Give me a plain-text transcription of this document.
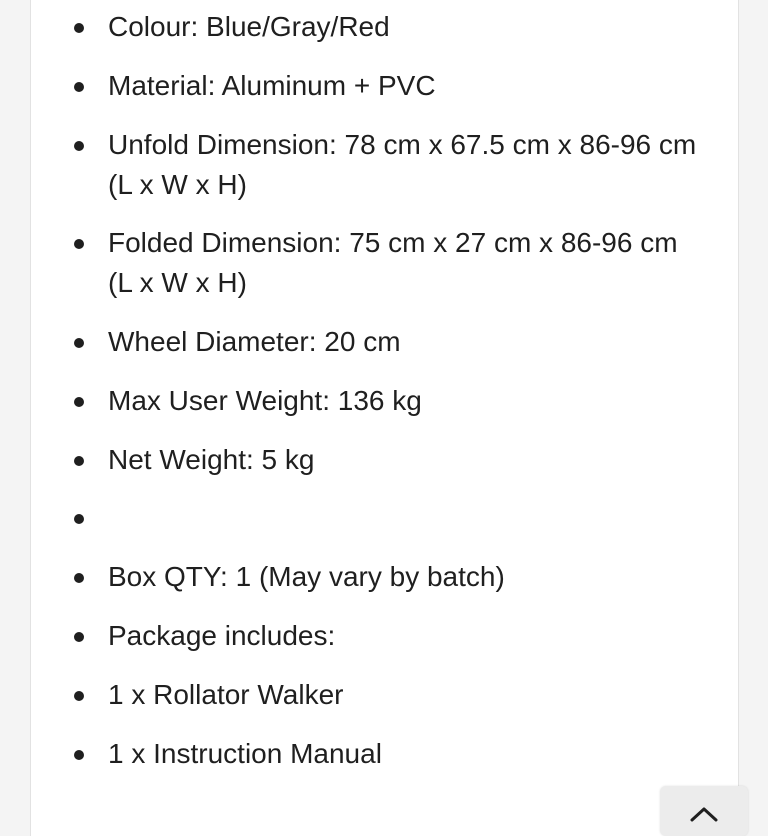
Colour: Blue/Gray/Red
Material: Aluminum + PVC
Unfold Dimension: 78 cm x 67.5 cm x 86-96 cm (L x W x H)
Folded Dimension: 75 cm x 27 cm x 86-96 cm (L x W x H)
Wheel Diameter: 20 cm
Max User Weight: 136 kg
Net Weight: 5 kg
Box QTY: 1 (May vary by batch)
Package includes:
1 x Rollator Walker
1 x Instruction Manual
